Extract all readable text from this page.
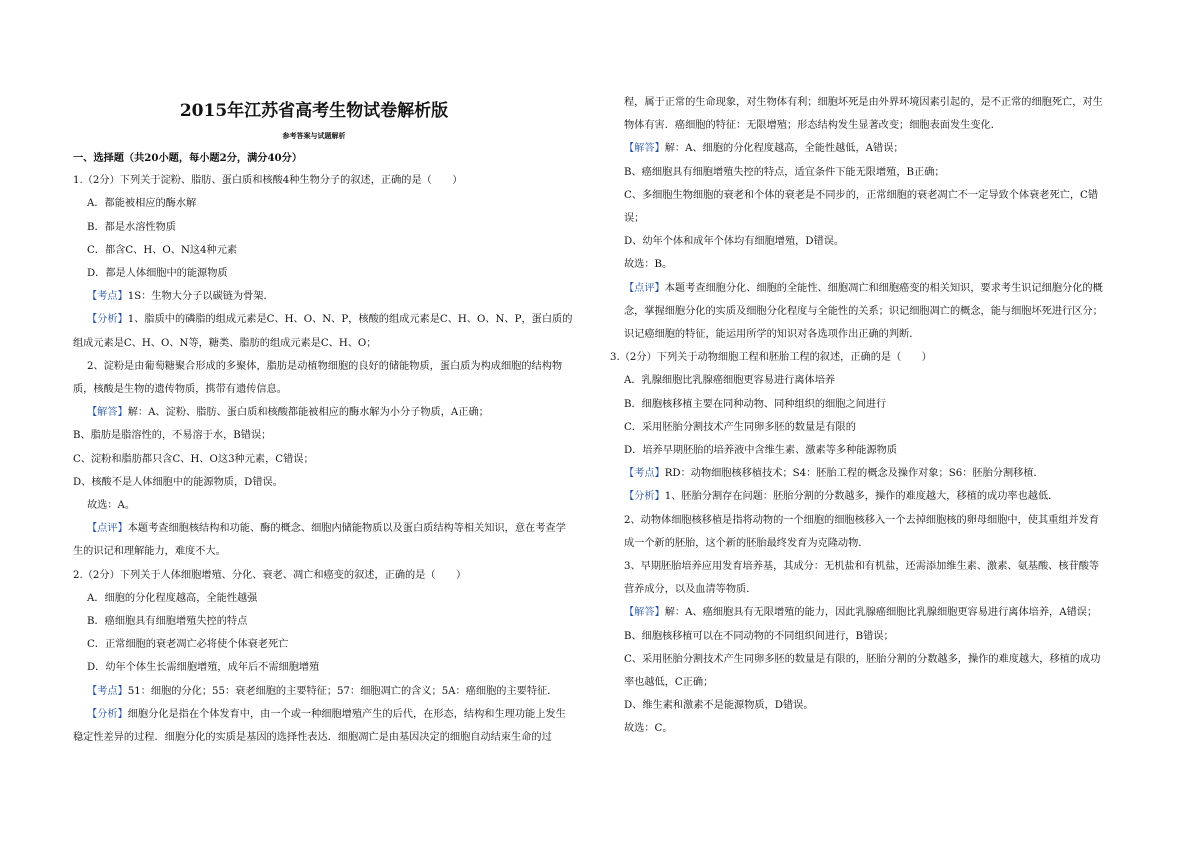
2015年江苏省高考生物试卷解析版
参考答案与试题解析
一、选择题（共20小题，每小题2分，满分40分）
1.（2分）下列关于淀粉、脂肪、蛋白质和核酸4种生物分子的叙述，正确的是（　　）
A．都能被相应的酶水解
B．都是水溶性物质
C．都含C、H、O、N这4种元素
D．都是人体细胞中的能源物质
【考点】1S：生物大分子以碳链为骨架．
【分析】1、脂质中的磷脂的组成元素是C、H、O、N、P，核酸的组成元素是C、H、O、N、P，蛋白质的
组成元素是C、H、O、N等，糖类、脂肪的组成元素是C、H、O；
2、淀粉是由葡萄糖聚合形成的多聚体，脂肪是动植物细胞的良好的储能物质，蛋白质为构成细胞的结构物
质，核酸是生物的遗传物质，携带有遗传信息。
【解答】解：A、淀粉、脂肪、蛋白质和核酸都能被相应的酶水解为小分子物质，A正确；
B、脂肪是脂溶性的，不易溶于水，B错误；
C、淀粉和脂肪都只含C、H、O这3种元素，C错误；
D、核酸不是人体细胞中的能源物质，D错误。
故选：A。
【点评】本题考查细胞核结构和功能、酶的概念、细胞内储能物质以及蛋白质结构等相关知识，意在考查学
生的识记和理解能力，难度不大。
2.（2分）下列关于人体细胞增殖、分化、衰老、凋亡和癌变的叙述，正确的是（　　）
A．细胞的分化程度越高，全能性越强
B．癌细胞具有细胞增殖失控的特点
C．正常细胞的衰老凋亡必将使个体衰老死亡
D．幼年个体生长需细胞增殖，成年后不需细胞增殖
【考点】51：细胞的分化；55：衰老细胞的主要特征；57：细胞凋亡的含义；5A：癌细胞的主要特征．
【分析】细胞分化是指在个体发育中，由一个或一种细胞增殖产生的后代，在形态，结构和生理功能上发生
稳定性差异的过程．细胞分化的实质是基因的选择性表达．细胞凋亡是由基因决定的细胞自动结束生命的过
程，属于正常的生命现象，对生物体有利；细胞坏死是由外界环境因素引起的，是不正常的细胞死亡，对生
物体有害．癌细胞的特征：无限增殖；形态结构发生显著改变；细胞表面发生变化．
【解答】解：A、细胞的分化程度越高，全能性越低，A错误；
B、癌细胞具有细胞增殖失控的特点，适宜条件下能无限增殖，B正确；
C、多细胞生物细胞的衰老和个体的衰老是不同步的，正常细胞的衰老凋亡不一定导致个体衰老死亡，C错
误；
D、幼年个体和成年个体均有细胞增殖，D错误。
故选：B。
【点评】本题考查细胞分化、细胞的全能性、细胞凋亡和细胞癌变的相关知识，要求考生识记细胞分化的概
念，掌握细胞分化的实质及细胞分化程度与全能性的关系；识记细胞凋亡的概念，能与细胞坏死进行区分；
识记癌细胞的特征，能运用所学的知识对各选项作出正确的判断．
3.（2分）下列关于动物细胞工程和胚胎工程的叙述，正确的是（　　）
A．乳腺细胞比乳腺癌细胞更容易进行离体培养
B．细胞核移植主要在同种动物、同种组织的细胞之间进行
C．采用胚胎分割技术产生同卵多胚的数量是有限的
D．培养早期胚胎的培养液中含维生素、激素等多种能源物质
【考点】RD：动物细胞核移植技术；S4：胚胎工程的概念及操作对象；S6：胚胎分割移植．
【分析】1、胚胎分割存在问题：胚胎分割的分数越多，操作的难度越大，移植的成功率也越低．
2、动物体细胞核移植是指将动物的一个细胞的细胞核移入一个去掉细胞核的卵母细胞中，使其重组并发育
成一个新的胚胎，这个新的胚胎最终发育为克隆动物．
3、早期胚胎培养应用发育培养基，其成分：无机盐和有机盐，还需添加维生素、激素、氨基酸、核苷酸等
营养成分，以及血清等物质．
【解答】解：A、癌细胞具有无限增殖的能力，因此乳腺癌细胞比乳腺细胞更容易进行离体培养，A错误；
B、细胞核移植可以在不同动物的不同组织间进行，B错误；
C、采用胚胎分割技术产生同卵多胚的数量是有限的，胚胎分割的分数越多，操作的难度越大，移植的成功
率也越低，C正确；
D、维生素和激素不是能源物质，D错误。
故选：C。
